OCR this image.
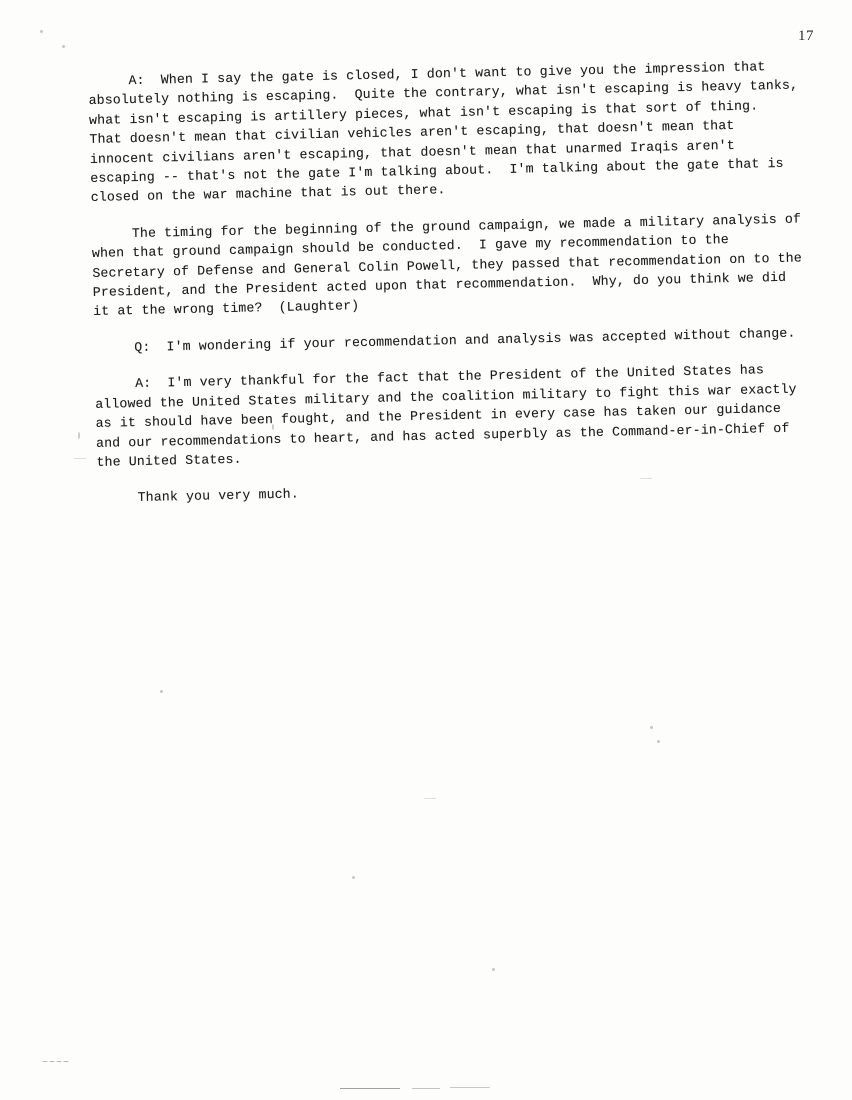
17

A:  When I say the gate is closed, I don't want to give you the impression that absolutely nothing is escaping.  Quite the contrary, what isn't escaping is heavy tanks, what isn't escaping is artillery pieces, what isn't escaping is that sort of thing.  That doesn't mean that civilian vehicles aren't escaping, that doesn't mean that innocent civilians aren't escaping, that doesn't mean that unarmed Iraqis aren't escaping -- that's not the gate I'm talking about.  I'm talking about the gate that is closed on the war machine that is out there.

The timing for the beginning of the ground campaign, we made a military analysis of when that ground campaign should be conducted.  I gave my recommendation to the Secretary of Defense and General Colin Powell, they passed that recommendation on to the President, and the President acted upon that recommendation.  Why, do you think we did it at the wrong time?  (Laughter)

Q:  I'm wondering if your recommendation and analysis was accepted without change.

A:  I'm very thankful for the fact that the President of the United States has allowed the United States military and the coalition military to fight this war exactly as it should have been fought, and the President in every case has taken our guidance and our recommendations to heart, and has acted superbly as the Command-er-in-Chief of the United States.

Thank you very much.

~~~~
